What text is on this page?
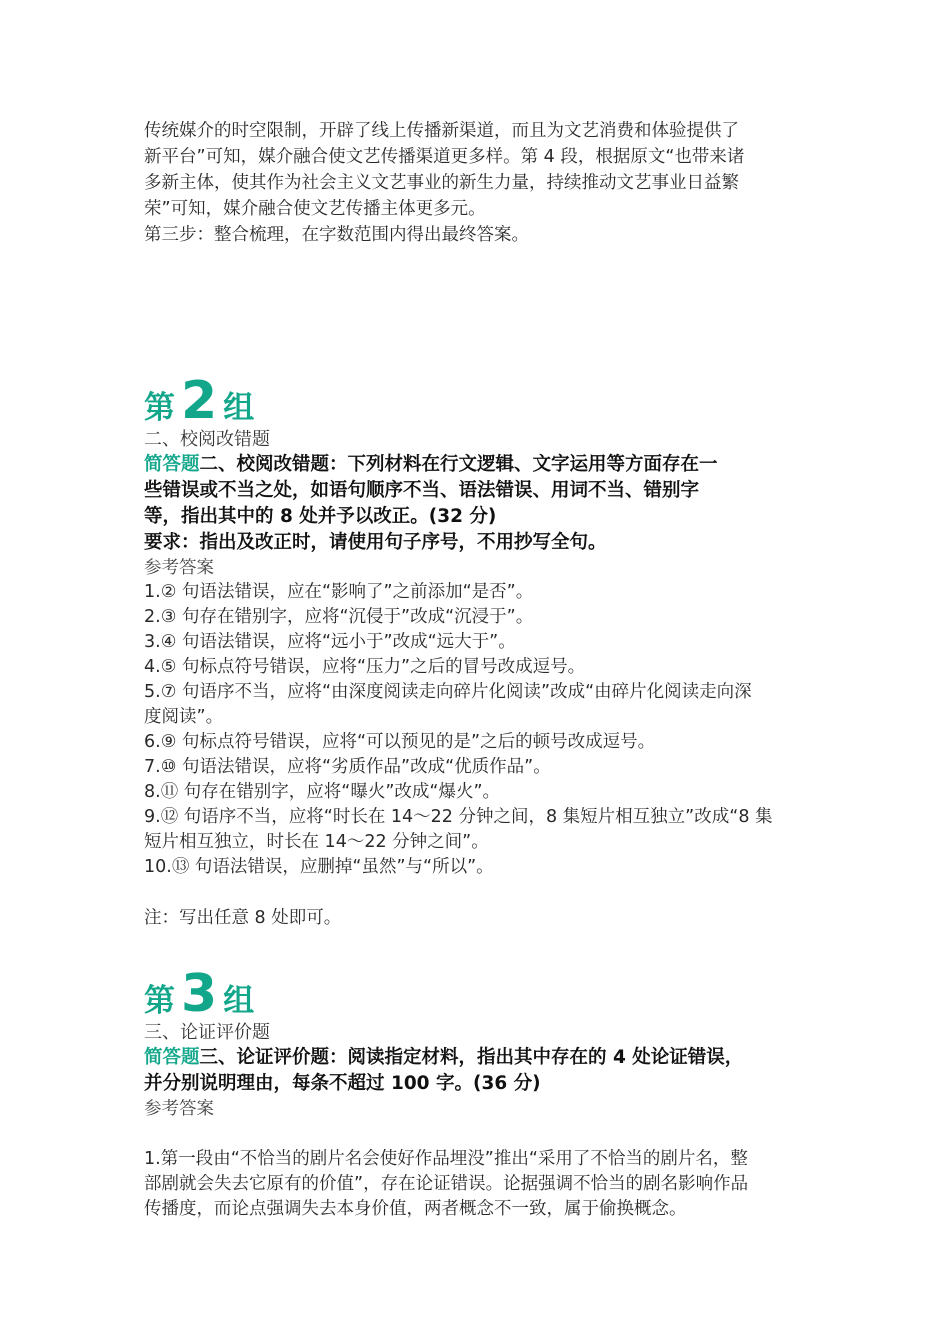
传统媒介的时空限制，开辟了线上传播新渠道，而且为文艺消费和体验提供了

新平台”可知，媒介融合使文艺传播渠道更多样。第 4 段，根据原文“也带来诸

多新主体，使其作为社会主义文艺事业的新生力量，持续推动文艺事业日益繁

荣”可知，媒介融合使文艺传播主体更多元。

第三步：整合梳理，在字数范围内得出最终答案。

第 2 组

二、校阅改错题

简答题二、校阅改错题：下列材料在行文逻辑、文字运用等方面存在一

些错误或不当之处，如语句顺序不当、语法错误、用词不当、错别字

等，指出其中的 8 处并予以改正。(32 分)

要求：指出及改正时，请使用句子序号，不用抄写全句。

参考答案

1.② 句语法错误，应在“影响了”之前添加“是否”。

2.③ 句存在错别字，应将“沉侵于”改成“沉浸于”。

3.④ 句语法错误，应将“远小于”改成“远大于”。

4.⑤ 句标点符号错误，应将“压力”之后的冒号改成逗号。

5.⑦ 句语序不当，应将“由深度阅读走向碎片化阅读”改成“由碎片化阅读走向深

度阅读”。

6.⑨ 句标点符号错误，应将“可以预见的是”之后的顿号改成逗号。

7.⑩ 句语法错误，应将“劣质作品”改成“优质作品”。

8.⑪ 句存在错别字，应将“曝火”改成“爆火”。

9.⑫ 句语序不当，应将“时长在 14～22 分钟之间，8 集短片相互独立”改成“8 集

短片相互独立，时长在 14～22 分钟之间”。

10.⑬ 句语法错误，应删掉“虽然”与“所以”。

注：写出任意 8 处即可。

第 3 组

三、论证评价题

简答题三、论证评价题：阅读指定材料，指出其中存在的 4 处论证错误，

并分别说明理由，每条不超过 100 字。(36 分)

参考答案

1.第一段由“不恰当的剧片名会使好作品埋没”推出“采用了不恰当的剧片名，整

部剧就会失去它原有的价值”，存在论证错误。论据强调不恰当的剧名影响作品

传播度，而论点强调失去本身价值，两者概念不一致，属于偷换概念。
